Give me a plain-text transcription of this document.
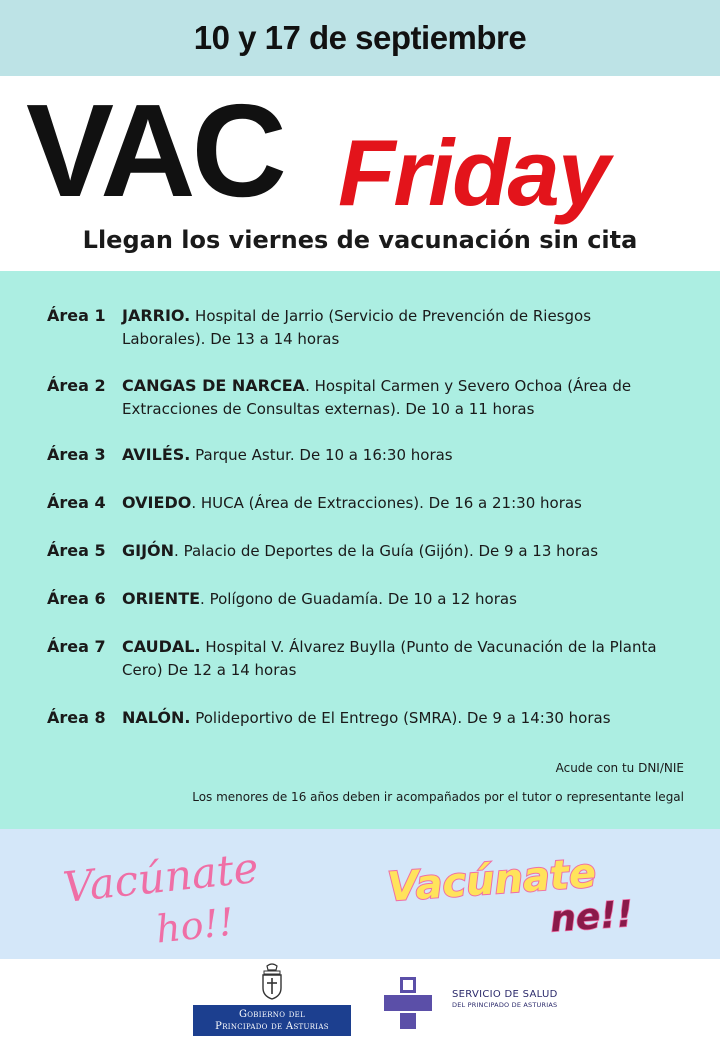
10 y 17 de septiembre
VAC Friday
Llegan los viernes de vacunación sin cita
Área 1	JARRIO. Hospital de Jarrio (Servicio de Prevención de Riesgos Laborales). De 13 a 14 horas
Área 2	CANGAS DE NARCEA. Hospital Carmen y Severo Ochoa (Área de Extracciones de Consultas externas). De 10 a 11 horas
Área 3	AVILÉS. Parque Astur. De 10 a 16:30 horas
Área 4	OVIEDO. HUCA (Área de Extracciones). De 16 a 21:30 horas
Área 5	GIJÓN. Palacio de Deportes de la Guía (Gijón). De 9 a 13 horas
Área 6	ORIENTE. Polígono de Guadamía. De 10 a 12 horas
Área 7	CAUDAL. Hospital V. Álvarez Buylla (Punto de Vacunación de la Planta Cero) De 12 a 14 horas
Área 8	NALÓN. Polideportivo de El Entrego (SMRA). De 9 a 14:30 horas
Acude con tu DNI/NIE
Los menores de 16 años deben ir acompañados por el tutor o representante legal
Vacúnate
ho!!
Vacúnate
ne!!
Gobierno del
Principado de Asturias
SERVICIO DE SALUD
DEL PRINCIPADO DE ASTURIAS
